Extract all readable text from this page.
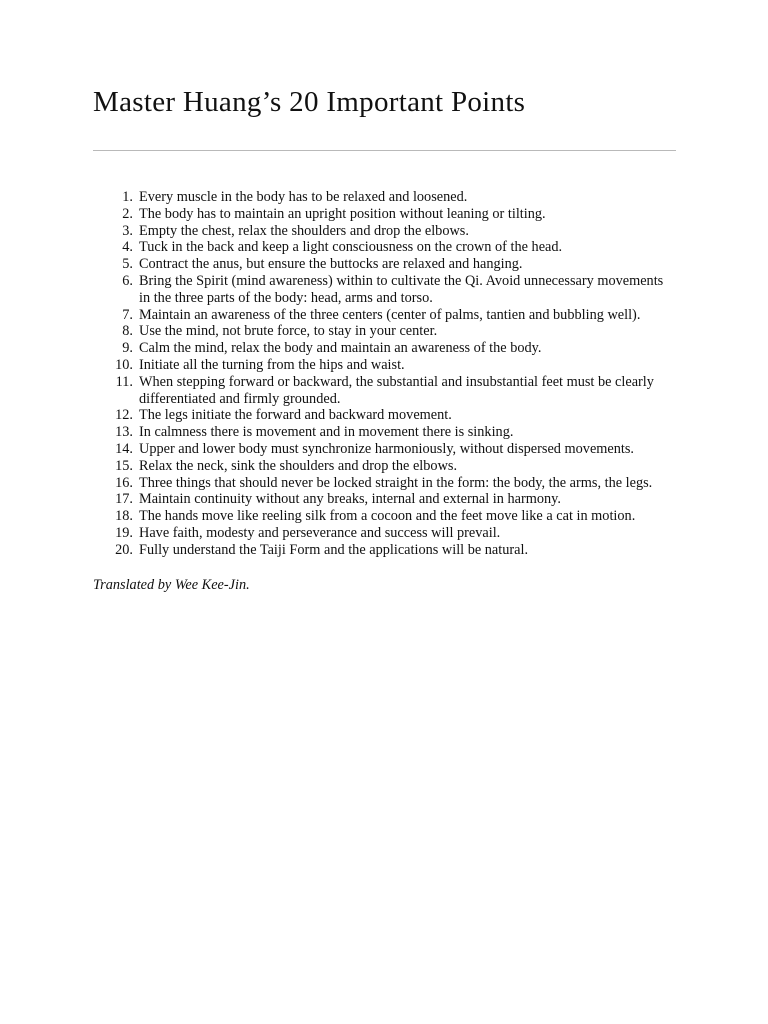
Master Huang’s 20 Important Points
1. Every muscle in the body has to be relaxed and loosened.
2. The body has to maintain an upright position without leaning or tilting.
3. Empty the chest, relax the shoulders and drop the elbows.
4. Tuck in the back and keep a light consciousness on the crown of the head.
5. Contract the anus, but ensure the buttocks are relaxed and hanging.
6. Bring the Spirit (mind awareness) within to cultivate the Qi. Avoid unnecessary movements in the three parts of the body: head, arms and torso.
7. Maintain an awareness of the three centers (center of palms, tantien and bubbling well).
8. Use the mind, not brute force, to stay in your center.
9. Calm the mind, relax the body and maintain an awareness of the body.
10. Initiate all the turning from the hips and waist.
11. When stepping forward or backward, the substantial and insubstantial feet must be clearly differentiated and firmly grounded.
12. The legs initiate the forward and backward movement.
13. In calmness there is movement and in movement there is sinking.
14. Upper and lower body must synchronize harmoniously, without dispersed movements.
15. Relax the neck, sink the shoulders and drop the elbows.
16. Three things that should never be locked straight in the form: the body, the arms, the legs.
17. Maintain continuity without any breaks, internal and external in harmony.
18. The hands move like reeling silk from a cocoon and the feet move like a cat in motion.
19. Have faith, modesty and perseverance and success will prevail.
20. Fully understand the Taiji Form and the applications will be natural.

Translated by Wee Kee-Jin.
